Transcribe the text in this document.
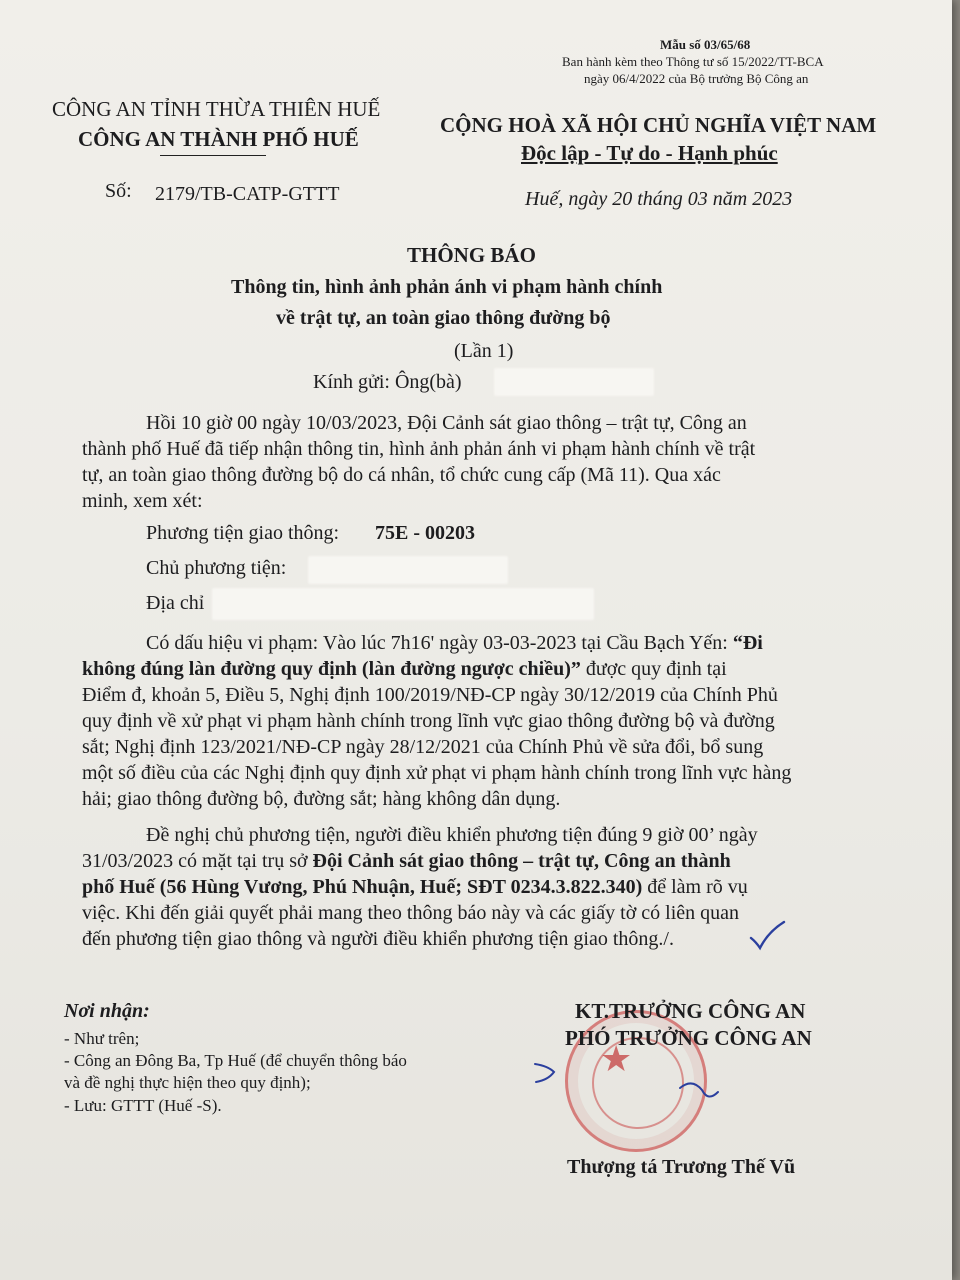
Mẫu số 03/65/68
Ban hành kèm theo Thông tư số 15/2022/TT-BCA
ngày 06/4/2022 của Bộ trưởng Bộ Công an
CÔNG AN TỈNH THỪA THIÊN HUẾ
CÔNG AN THÀNH PHỐ HUẾ
Số: 2179/TB-CATP-GTTT
CỘNG HOÀ XÃ HỘI CHỦ NGHĨA VIỆT NAM
Độc lập - Tự do - Hạnh phúc
Huế, ngày 20 tháng 03 năm 2023
THÔNG BÁO
Thông tin, hình ảnh phản ánh vi phạm hành chính
về trật tự, an toàn giao thông đường bộ
(Lần 1)
Kính gửi: Ông(bà)
Hồi 10 giờ 00 ngày 10/03/2023, Đội Cảnh sát giao thông – trật tự, Công an
thành phố Huế đã tiếp nhận thông tin, hình ảnh phản ánh vi phạm hành chính về trật
tự, an toàn giao thông đường bộ do cá nhân, tổ chức cung cấp (Mã 11). Qua xác
minh, xem xét:
Phương tiện giao thông: 75E - 00203
Chủ phương tiện:
Địa chỉ
Có dấu hiệu vi phạm: Vào lúc 7h16' ngày 03-03-2023 tại Cầu Bạch Yến: “Đi
không đúng làn đường quy định (làn đường ngược chiều)” được quy định tại
Điểm đ, khoản 5, Điều 5, Nghị định 100/2019/NĐ-CP ngày 30/12/2019 của Chính Phủ
quy định về xử phạt vi phạm hành chính trong lĩnh vực giao thông đường bộ và đường
sắt; Nghị định 123/2021/NĐ-CP ngày 28/12/2021 của Chính Phủ về sửa đổi, bổ sung
một số điều của các Nghị định quy định xử phạt vi phạm hành chính trong lĩnh vực hàng
hải; giao thông đường bộ, đường sắt; hàng không dân dụng.
Đề nghị chủ phương tiện, người điều khiển phương tiện đúng 9 giờ 00’ ngày
31/03/2023 có mặt tại trụ sở Đội Cảnh sát giao thông – trật tự, Công an thành
phố Huế (56 Hùng Vương, Phú Nhuận, Huế; SĐT 0234.3.822.340) để làm rõ vụ
việc. Khi đến giải quyết phải mang theo thông báo này và các giấy tờ có liên quan
đến phương tiện giao thông và người điều khiển phương tiện giao thông./.
Nơi nhận:
- Như trên;
- Công an Đông Ba, Tp Huế (để chuyển thông báo
và đề nghị thực hiện theo quy định);
- Lưu: GTTT (Huế -S).
★
KT.TRƯỞNG CÔNG AN
PHÓ TRƯỞNG CÔNG AN
Thượng tá Trương Thế Vũ
